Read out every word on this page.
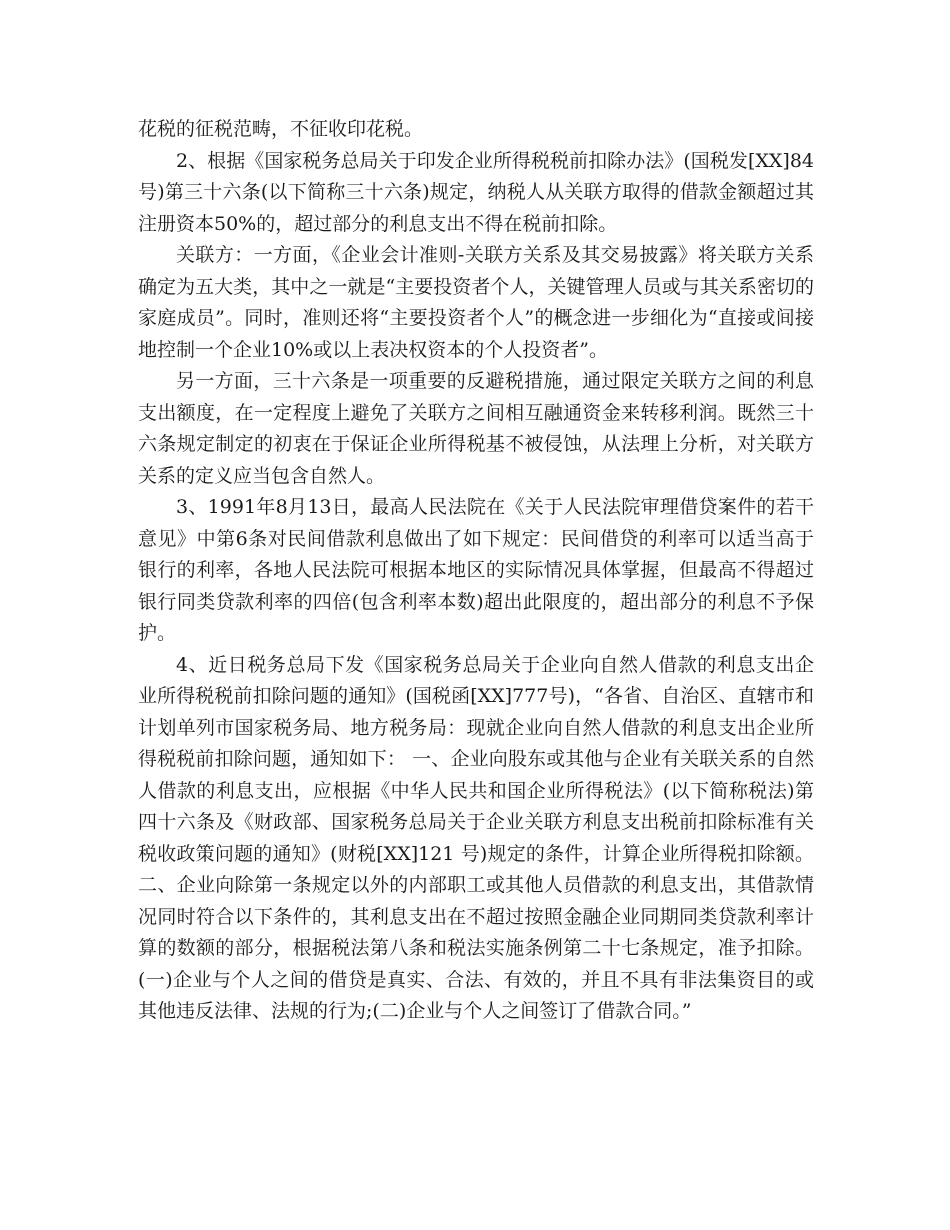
花税的征税范畴，不征收印花税。

2、根据《国家税务总局关于印发企业所得税税前扣除办法》(国税发[XX]84号)第三十六条(以下简称三十六条)规定，纳税人从关联方取得的借款金额超过其注册资本50%的，超过部分的利息支出不得在税前扣除。

关联方：一方面，《企业会计准则-关联方关系及其交易披露》将关联方关系确定为五大类，其中之一就是“主要投资者个人，关键管理人员或与其关系密切的家庭成员”。同时，准则还将“主要投资者个人”的概念进一步细化为“直接或间接地控制一个企业10%或以上表决权资本的个人投资者”。

另一方面，三十六条是一项重要的反避税措施，通过限定关联方之间的利息支出额度，在一定程度上避免了关联方之间相互融通资金来转移利润。既然三十六条规定制定的初衷在于保证企业所得税基不被侵蚀，从法理上分析，对关联方关系的定义应当包含自然人。

3、1991年8月13日，最高人民法院在《关于人民法院审理借贷案件的若干意见》中第6条对民间借款利息做出了如下规定：民间借贷的利率可以适当高于银行的利率，各地人民法院可根据本地区的实际情况具体掌握，但最高不得超过银行同类贷款利率的四倍(包含利率本数)超出此限度的，超出部分的利息不予保护。

4、近日税务总局下发《国家税务总局关于企业向自然人借款的利息支出企业所得税税前扣除问题的通知》(国税函[XX]777号)，“各省、自治区、直辖市和计划单列市国家税务局、地方税务局：现就企业向自然人借款的利息支出企业所得税税前扣除问题，通知如下： 一、企业向股东或其他与企业有关联关系的自然人借款的利息支出，应根据《中华人民共和国企业所得税法》(以下简称税法)第四十六条及《财政部、国家税务总局关于企业关联方利息支出税前扣除标准有关税收政策问题的通知》(财税[XX]121 号)规定的条件，计算企业所得税扣除额。 二、企业向除第一条规定以外的内部职工或其他人员借款的利息支出，其借款情况同时符合以下条件的，其利息支出在不超过按照金融企业同期同类贷款利率计算的数额的部分，根据税法第八条和税法实施条例第二十七条规定，准予扣除。(一)企业与个人之间的借贷是真实、合法、有效的，并且不具有非法集资目的或其他违反法律、法规的行为;(二)企业与个人之间签订了借款合同。”
